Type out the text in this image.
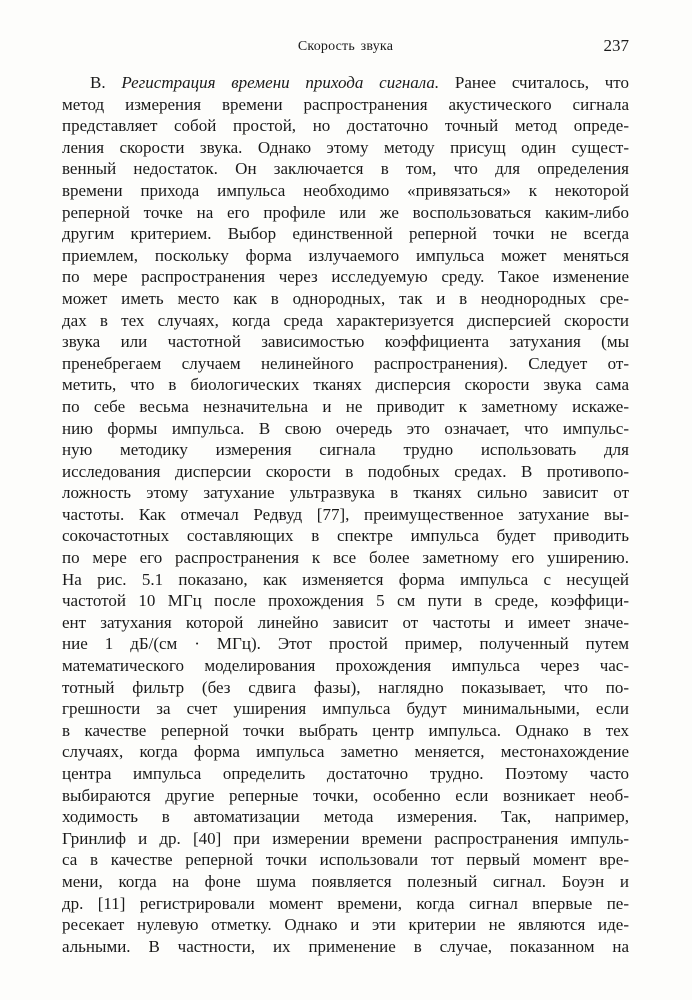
Скорость звука	237
В. Регистрация времени прихода сигнала. Ранее считалось, что
метод измерения времени распространения акустического сигнала
представляет собой простой, но достаточно точный метод опреде-
ления скорости звука. Однако этому методу присущ один сущест-
венный недостаток. Он заключается в том, что для определения
времени прихода импульса необходимо «привязаться» к некоторой
реперной точке на его профиле или же воспользоваться каким-либо
другим критерием. Выбор единственной реперной точки не всегда
приемлем, поскольку форма излучаемого импульса может меняться
по мере распространения через исследуемую среду. Такое изменение
может иметь место как в однородных, так и в неоднородных сре-
дах в тех случаях, когда среда характеризуется дисперсией скорости
звука или частотной зависимостью коэффициента затухания (мы
пренебрегаем случаем нелинейного распространения). Следует от-
метить, что в биологических тканях дисперсия скорости звука сама
по себе весьма незначительна и не приводит к заметному искаже-
нию формы импульса. В свою очередь это означает, что импульс-
ную методику измерения сигнала трудно использовать для
исследования дисперсии скорости в подобных средах. В противопо-
ложность этому затухание ультразвука в тканях сильно зависит от
частоты. Как отмечал Редвуд [77], преимущественное затухание вы-
сокочастотных составляющих в спектре импульса будет приводить
по мере его распространения к все более заметному его уширению.
На рис. 5.1 показано, как изменяется форма импульса с несущей
частотой 10 МГц после прохождения 5 см пути в среде, коэффици-
ент затухания которой линейно зависит от частоты и имеет значе-
ние 1 дБ/(см · МГц). Этот простой пример, полученный путем
математического моделирования прохождения импульса через час-
тотный фильтр (без сдвига фазы), наглядно показывает, что по-
грешности за счет уширения импульса будут минимальными, если
в качестве реперной точки выбрать центр импульса. Однако в тех
случаях, когда форма импульса заметно меняется, местонахождение
центра импульса определить достаточно трудно. Поэтому часто
выбираются другие реперные точки, особенно если возникает необ-
ходимость в автоматизации метода измерения. Так, например,
Гринлиф и др. [40] при измерении времени распространения импуль-
са в качестве реперной точки использовали тот первый момент вре-
мени, когда на фоне шума появляется полезный сигнал. Боуэн и
др. [11] регистрировали момент времени, когда сигнал впервые пе-
ресекает нулевую отметку. Однако и эти критерии не являются иде-
альными. В частности, их применение в случае, показанном на
